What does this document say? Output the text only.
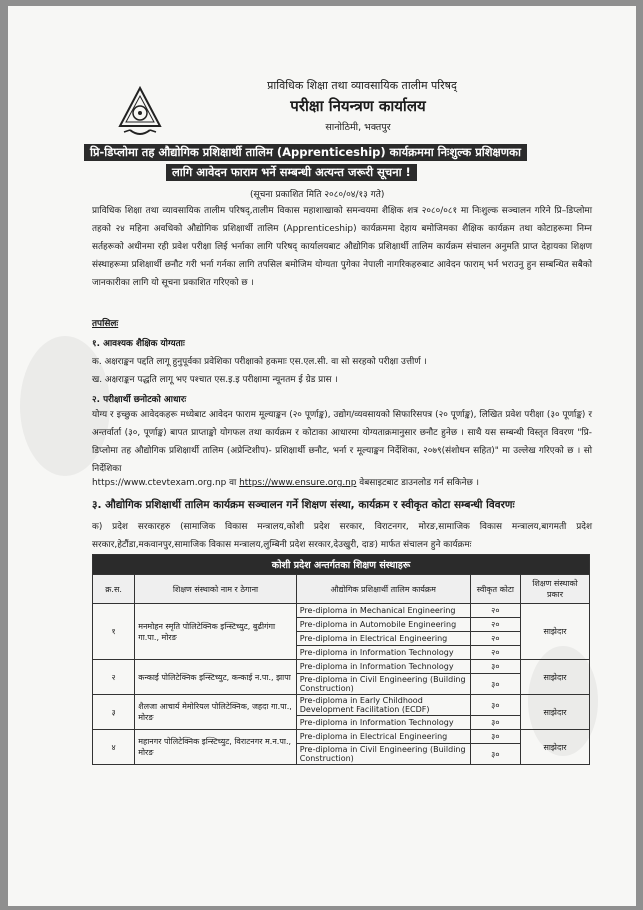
प्राविधिक शिक्षा तथा व्यावसायिक तालीम परिषद्
परीक्षा नियन्त्रण कार्यालय
सानोठिमी, भक्तपुर
प्रि-डिप्लोमा तह औद्योगिक प्रशिक्षार्थी तालिम (Apprenticeship) कार्यक्रममा निःशुल्क प्रशिक्षणका
लागि आवेदन फाराम भर्ने सम्बन्धी अत्यन्त जरूरी सूचना !
(सूचना प्रकाशित मिति २०८०/०४/१३ गते)
प्राविधिक शिक्षा तथा व्यावसायिक तालीम परिषद्,तालीम विकास महाशाखाको समन्वयमा शैक्षिक शत्र २०८०/०८१ मा निःशुल्क सञ्चालन गरिने प्रि–डिप्लोमा तहको २४ महिना अवधिको औद्योगिक प्रशिक्षार्थी तालिम (Apprenticeship) कार्यक्रममा देहाय बमोजिमका शैक्षिक कार्यक्रम तथा कोटाहरूमा निम्न सर्तहरूको अधीनमा रही प्रवेश परीक्षा लिई भर्नाका लागि परिषद् कार्यालयबाट औद्योगिक प्रशिक्षार्थी तालिम कार्यक्रम संचालन अनुमति प्राप्त देहायका शिक्षण संस्थाहरूमा प्रशिक्षार्थी छनौट गरी भर्ना गर्नका लागि तपसिल बमोजिम योग्यता पुगेका नेपाली नागरिकहरुबाट आवेदन फाराम् भर्न भराउनु हुन सम्बन्धित सबैको जानकारीका लागि यो सूचना प्रकाशित गरिएको छ ।
तपसिलः
१. आवश्यक शैक्षिक योग्यताः
क. अक्षराङ्कन पद्दति लागू हुनुपूर्वका प्रवेशिका परीक्षाको हकमाः एस.एल.सी. वा सो सरहको परीक्षा उत्तीर्ण ।
ख. अक्षराङ्कन पद्धति लागू भए पश्चात एस.इ.इ परीक्षामा न्यूनतम ई ग्रेड प्रास ।
२. परीक्षार्थी छनोटको आधारः
योग्य र इच्छुक आवेदकहरू मध्येबाट आवेदन फाराम मूल्याङ्कन (२० पूर्णाङ्क), उद्योग/व्यवसायको सिफारिसपत्र (२० पूर्णाङ्क), लिखित प्रवेश परीक्षा (३० पूर्णाङ्क) र अन्तर्वार्ता (३०, पूर्णाङ्क) बापत प्राप्ताङ्को योगफल तथा कार्यक्रम र कोटाका आधारमा योग्यताक्रमानुसार छनौट हुनेछ । साथै यस सम्बन्धी विस्तृत विवरण "प्रि-डिप्लोमा तह औद्योगिक प्रशिक्षार्थी तालिम (अप्रेन्टिशीप)- प्रशिक्षार्थी छनौट, भर्ना र मूल्याङ्कन निर्देशिका, २०७९(संशोधन सहित)" मा उल्लेख गरिएको छ । सो निर्देशिका
https://www.ctevtexam.org.np वा https://www.ensure.org.np वेबसाइटबाट डाउनलोड गर्न सकिनेछ ।
३. औद्योगिक प्रशिक्षार्थी तालिम कार्यक्रम सञ्चालन गर्ने शिक्षण संस्था, कार्यक्रम र स्वीकृत कोटा सम्बन्धी विवरणः
क) प्रदेश सरकारहरु (सामाजिक विकास मन्त्रालय,कोशी प्रदेश सरकार, विराटनगर, मोरङ,सामाजिक विकास मन्त्रालय,बागमती प्रदेश सरकार,हेटौंडा,मकवानपुर,सामाजिक विकास मन्त्रालय,लुम्बिनी प्रदेश सरकार,देउखुरी, दाङ) मार्फत संचालन हुने कार्यक्रमः
कोशी प्रदेश अन्तर्गतका शिक्षण संस्थाहरू				
क्र.स.	शिक्षण संस्थाको नाम र ठेगाना	औद्योगिक प्रशिक्षार्थी तालिम कार्यक्रम	स्वीकृत कोटा	शिक्षण संस्थाको प्रकार
१	मनमोहन स्मृति पोलिटेक्निक इन्स्टिच्युट, बुढीगंगा गा.पा., मोरङ	Pre-diploma in Mechanical Engineering	२०	साझेदार
		Pre-diploma in Automobile Engineering	२०	
		Pre-diploma in Electrical Engineering	२०	
		Pre-diploma in Information Technology	२०	
२	कन्काई पोलिटेक्निक इन्स्टिच्युट, कन्काई न.पा., झापा	Pre-diploma in Information Technology	३०	साझेदार
		Pre-diploma in Civil Engineering (Building Construction)	३०	
३	शैलजा आचार्य मेमोरियल पोलिटेक्निक, जहदा गा.पा., मोरङ	Pre-diploma in Early Childhood Development Facilitation (ECDF)	३०	साझेदार
		Pre-diploma in Information Technology	३०	
४	महानगर पोलिटेक्निक इन्स्टिच्युट, विराटनगर म.न.पा., मोरङ	Pre-diploma in Electrical Engineering	३०	साझेदार
		Pre-diploma in Civil Engineering (Building Construction)	३०	
